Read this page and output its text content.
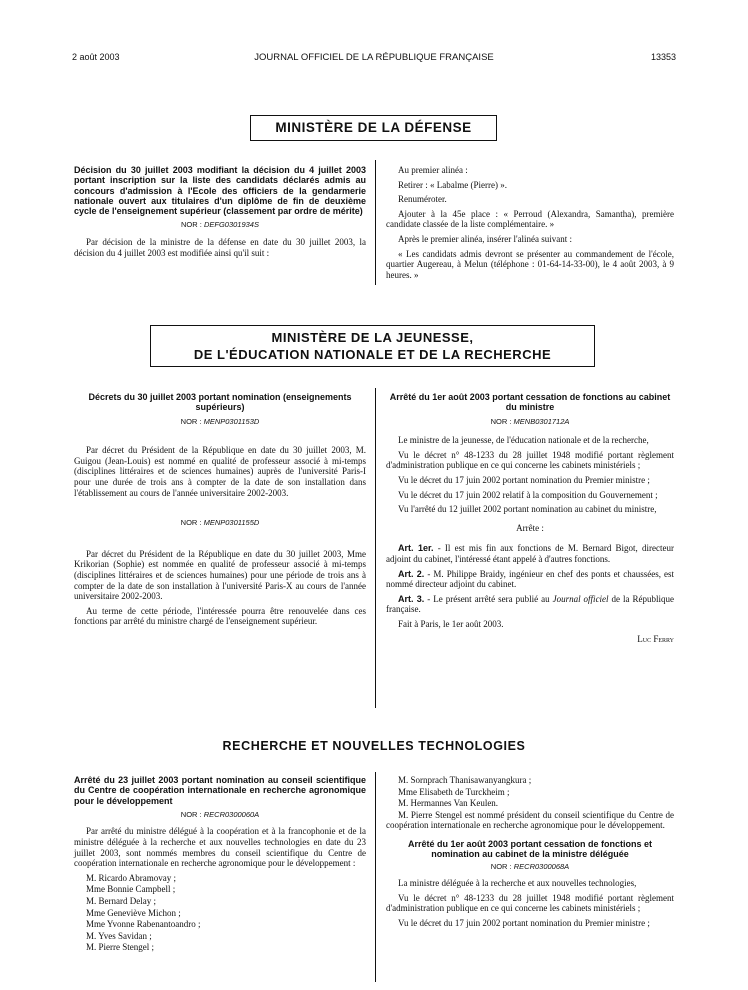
2 août 2003	JOURNAL OFFICIEL DE LA RÉPUBLIQUE FRANÇAISE	13353
MINISTÈRE DE LA DÉFENSE
Décision du 30 juillet 2003 modifiant la décision du 4 juillet 2003 portant inscription sur la liste des candidats déclarés admis au concours d'admission à l'Ecole des officiers de la gendarmerie nationale ouvert aux titulaires d'un diplôme de fin de deuxième cycle de l'enseignement supérieur (classement par ordre de mérite)
NOR : DEFG0301934S

Par décision de la ministre de la défense en date du 30 juillet 2003, la décision du 4 juillet 2003 est modifiée ainsi qu'il suit :

Au premier alinéa :

Retirer : « Labalme (Pierre) ».

Renuméroter.

Ajouter à la 45e place : « Perroud (Alexandra, Samantha), première candidate classée de la liste complémentaire. »

Après le premier alinéa, insérer l'alinéa suivant :

« Les candidats admis devront se présenter au commandement de l'école, quartier Augereau, à Melun (téléphone : 01-64-14-33-00), le 4 août 2003, à 9 heures. »

MINISTÈRE DE LA JEUNESSE,
DE L'ÉDUCATION NATIONALE ET DE LA RECHERCHE
Décrets du 30 juillet 2003 portant nomination (enseignements supérieurs)
NOR : MENP0301153D

Par décret du Président de la République en date du 30 juillet 2003, M. Guigou (Jean-Louis) est nommé en qualité de professeur associé à mi-temps (disciplines littéraires et de sciences humaines) auprès de l'université Paris-I pour une durée de trois ans à compter de la date de son installation dans l'établissement au cours de l'année universitaire 2002-2003.

NOR : MENP0301155D

Par décret du Président de la République en date du 30 juillet 2003, Mme Krikorian (Sophie) est nommée en qualité de professeur associé à mi-temps (disciplines littéraires et de sciences humaines) pour une période de trois ans à compter de la date de son installation à l'université Paris-X au cours de l'année universitaire 2002-2003.

Au terme de cette période, l'intéressée pourra être renouvelée dans ces fonctions par arrêté du ministre chargé de l'enseignement supérieur.

Arrêté du 1er août 2003 portant cessation de fonctions au cabinet du ministre
NOR : MENB0301712A

Le ministre de la jeunesse, de l'éducation nationale et de la recherche,

Vu le décret n° 48-1233 du 28 juillet 1948 modifié portant règlement d'administration publique en ce qui concerne les cabinets ministériels ;

Vu le décret du 17 juin 2002 portant nomination du Premier ministre ;

Vu le décret du 17 juin 2002 relatif à la composition du Gouvernement ;

Vu l'arrêté du 12 juillet 2002 portant nomination au cabinet du ministre,

Arrête :

Art. 1er. - Il est mis fin aux fonctions de M. Bernard Bigot, directeur adjoint du cabinet, l'intéressé étant appelé à d'autres fonctions.

Art. 2. - M. Philippe Braidy, ingénieur en chef des ponts et chaussées, est nommé directeur adjoint du cabinet.

Art. 3. - Le présent arrêté sera publié au Journal officiel de la République française.

Fait à Paris, le 1er août 2003.

Luc Ferry

RECHERCHE ET NOUVELLES TECHNOLOGIES
Arrêté du 23 juillet 2003 portant nomination au conseil scientifique du Centre de coopération internationale en recherche agronomique pour le développement
NOR : RECR0300060A

Par arrêté du ministre délégué à la coopération et à la francophonie et de la ministre déléguée à la recherche et aux nouvelles technologies en date du 23 juillet 2003, sont nommés membres du conseil scientifique du Centre de coopération internationale en recherche agronomique pour le développement :

M. Ricardo Abramovay ;

Mme Bonnie Campbell ;

M. Bernard Delay ;

Mme Geneviève Michon ;

Mme Yvonne Rabenantoandro ;

M. Yves Savidan ;

M. Pierre Stengel ;

M. Sornprach Thanisawanyangkura ;

Mme Elisabeth de Turckheim ;

M. Hermannes Van Keulen.

M. Pierre Stengel est nommé président du conseil scientifique du Centre de coopération internationale en recherche agronomique pour le développement.

Arrêté du 1er août 2003 portant cessation de fonctions et nomination au cabinet de la ministre déléguée
NOR : RECR0300068A

La ministre déléguée à la recherche et aux nouvelles technologies,

Vu le décret n° 48-1233 du 28 juillet 1948 modifié portant règlement d'administration publique en ce qui concerne les cabinets ministériels ;

Vu le décret du 17 juin 2002 portant nomination du Premier ministre ;
